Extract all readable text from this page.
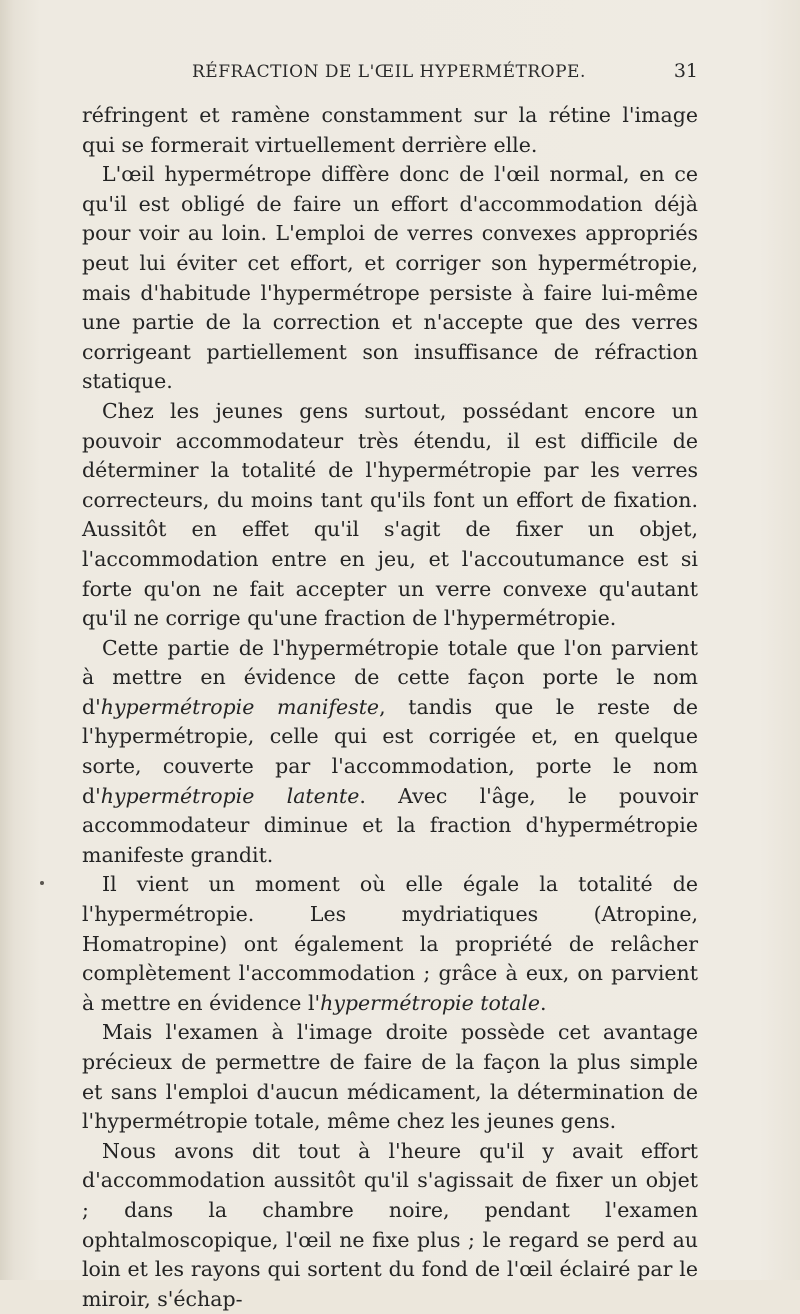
RÉFRACTION DE L'ŒIL HYPERMÉTROPE.	31

réfringent et ramène constamment sur la rétine l'image qui se formerait virtuellement derrière elle.

L'œil hypermétrope diffère donc de l'œil normal, en ce qu'il est obligé de faire un effort d'accommodation déjà pour voir au loin. L'emploi de verres convexes appropriés peut lui éviter cet effort, et corriger son hypermétropie, mais d'habitude l'hypermétrope persiste à faire lui-même une partie de la correction et n'accepte que des verres corrigeant partiellement son insuffisance de réfraction statique.

Chez les jeunes gens surtout, possédant encore un pouvoir accommodateur très étendu, il est difficile de déterminer la totalité de l'hypermétropie par les verres correcteurs, du moins tant qu'ils font un effort de fixation. Aussitôt en effet qu'il s'agit de fixer un objet, l'accommodation entre en jeu, et l'accoutumance est si forte qu'on ne fait accepter un verre convexe qu'autant qu'il ne corrige qu'une fraction de l'hypermétropie.

Cette partie de l'hypermétropie totale que l'on parvient à mettre en évidence de cette façon porte le nom d'hypermétropie manifeste, tandis que le reste de l'hypermétropie, celle qui est corrigée et, en quelque sorte, couverte par l'accommodation, porte le nom d'hypermétropie latente. Avec l'âge, le pouvoir accommodateur diminue et la fraction d'hypermétropie manifeste grandit.

Il vient un moment où elle égale la totalité de l'hypermétropie. Les mydriatiques (Atropine, Homatropine) ont également la propriété de relâcher complètement l'accommodation ; grâce à eux, on parvient à mettre en évidence l'hypermétropie totale.

Mais l'examen à l'image droite possède cet avantage précieux de permettre de faire de la façon la plus simple et sans l'emploi d'aucun médicament, la détermination de l'hypermétropie totale, même chez les jeunes gens.

Nous avons dit tout à l'heure qu'il y avait effort d'accommodation aussitôt qu'il s'agissait de fixer un objet ; dans la chambre noire, pendant l'examen ophtalmoscopique, l'œil ne fixe plus ; le regard se perd au loin et les rayons qui sortent du fond de l'œil éclairé par le miroir, s'échap-
